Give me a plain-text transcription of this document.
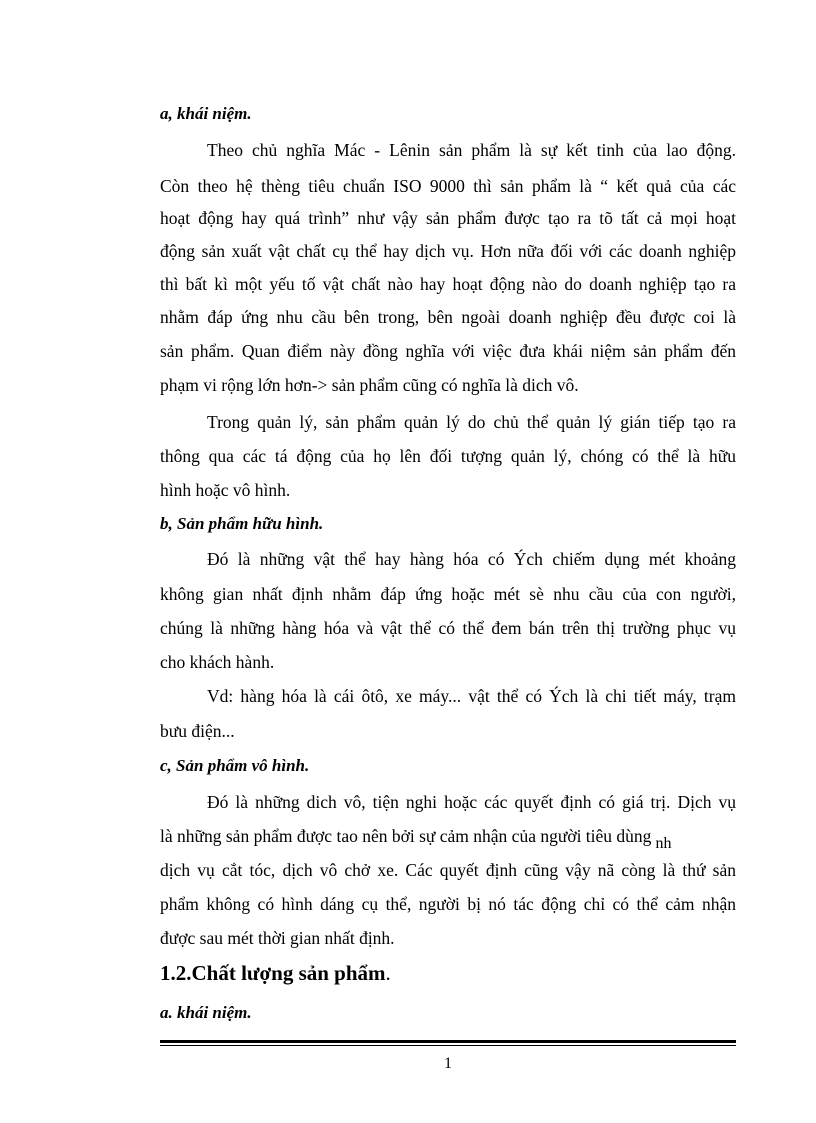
a, khái niệm.
Theo chủ nghĩa Mác - Lênin sản phẩm là sự kết tinh của lao động.
Còn theo hệ thèng tiêu chuẩn ISO 9000 thì sản phẩm là “ kết quả của các
hoạt động hay quá trình” như vậy sản phẩm được tạo ra tõ tất cả mọi hoạt
động sản xuất vật chất cụ thể hay dịch vụ. Hơn nữa đối với các doanh nghiệp
thì bất kì một yếu tố vật chất nào hay hoạt động nào do doanh nghiệp tạo ra
nhằm đáp ứng nhu cầu bên trong, bên ngoài doanh nghiệp đều được coi là
sản phẩm. Quan điểm này đồng nghĩa với việc đưa khái niệm sản phẩm đến
phạm vi rộng lớn hơn-> sản phẩm cũng có nghĩa là dich vô.
Trong quản lý, sản phẩm quản lý do chủ thể quản lý gián tiếp tạo ra
thông qua các tá động của họ lên đối tượng quản lý, chóng có thể là hữu
hình hoặc vô hình.
b, Sản phẩm hữu hình.
Đó là những vật thể hay hàng hóa có Ých chiếm dụng mét khoảng
không gian nhất định nhằm đáp ứng hoặc mét sè nhu cầu của con người,
chúng là những hàng hóa và vật thể có thể đem bán trên thị trường phục vụ
cho khách hành.
Vd: hàng hóa là cái ôtô, xe máy... vật thể có Ých là chi tiết máy, trạm
bưu điện...
c, Sản phẩm vô hình.
Đó là những dich vô, tiện nghi hoặc các quyết định có giá trị. Dịch vụ
là những sản phẩm được tao nên bởi sự cảm nhận của người tiêu dùng nh
dịch vụ cắt tóc, dịch vô chở xe. Các quyết định cũng vậy nã còng là thứ sản
phẩm không có hình dáng cụ thể, người bị nó tác động chỉ có thể cảm nhận
được sau mét thời gian nhất định.
1.2.Chất lượng sản phẩm.
a. khái niệm.
1
